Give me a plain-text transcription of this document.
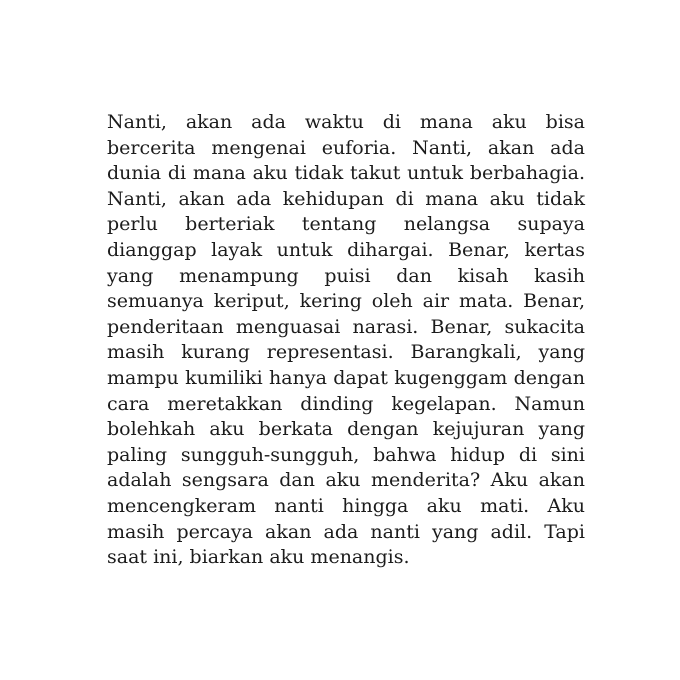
Nanti, akan ada waktu di mana aku bisa bercerita mengenai euforia. Nanti, akan ada dunia di mana aku tidak takut untuk berbahagia. Nanti, akan ada kehidupan di mana aku tidak perlu berteriak tentang nelangsa supaya dianggap layak untuk dihargai. Benar, kertas yang menampung puisi dan kisah kasih semuanya keriput, kering oleh air mata. Benar, penderitaan menguasai narasi. Benar, sukacita masih kurang representasi. Barangkali, yang mampu kumiliki hanya dapat kugenggam dengan cara meretakkan dinding kegelapan. Namun bolehkah aku berkata dengan kejujuran yang paling sungguh-sungguh, bahwa hidup di sini adalah sengsara dan aku menderita? Aku akan mencengkeram nanti hingga aku mati. Aku masih percaya akan ada nanti yang adil. Tapi saat ini, biarkan aku menangis.
